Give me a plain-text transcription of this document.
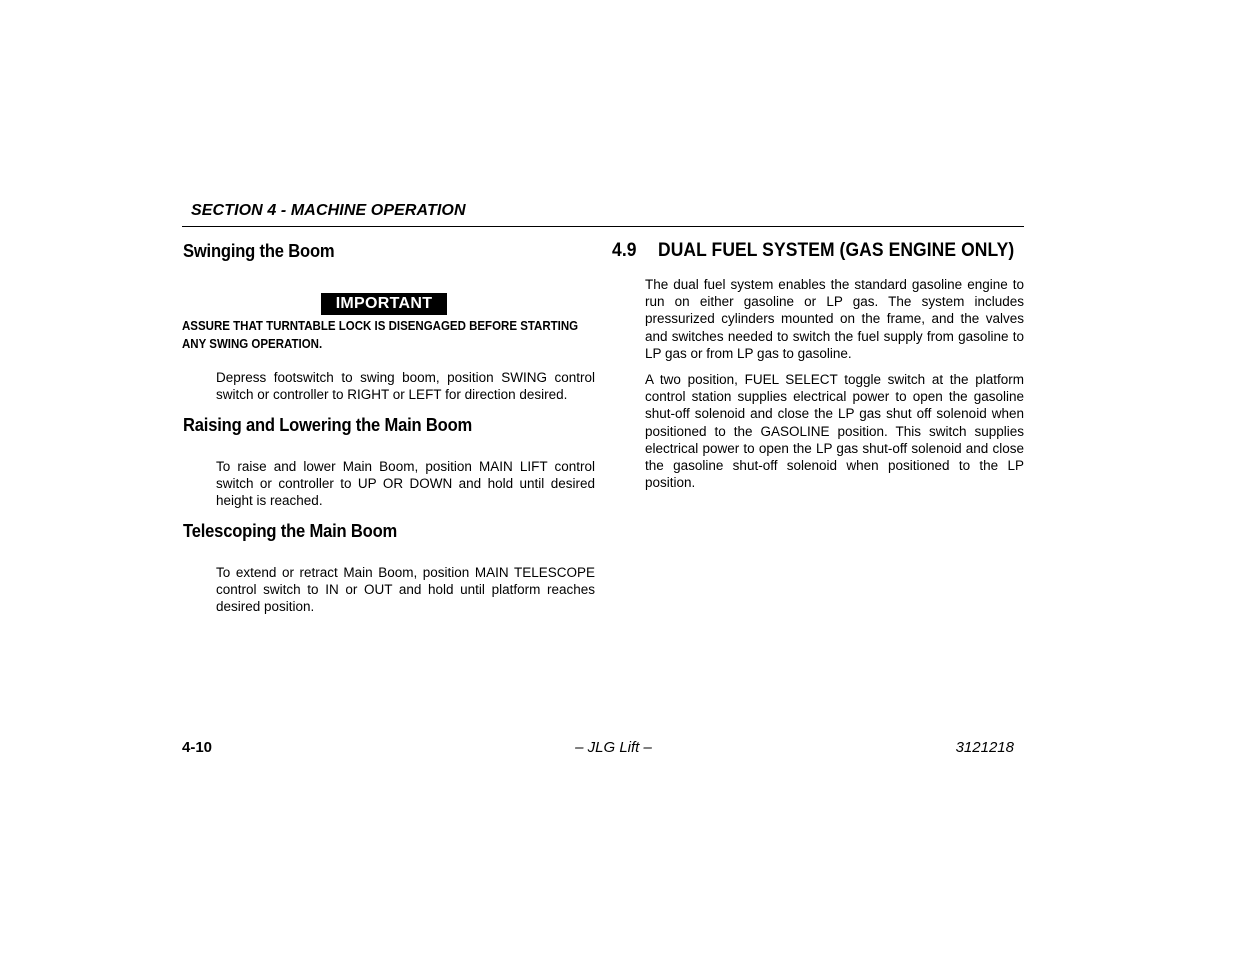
SECTION 4 - MACHINE OPERATION
Swinging the Boom
IMPORTANT
ASSURE THAT TURNTABLE LOCK IS DISENGAGED BEFORE STARTING
ANY SWING OPERATION.
Depress footswitch to swing boom, position SWING control switch or controller to RIGHT or LEFT for direction desired.
Raising and Lowering the Main Boom
To raise and lower Main Boom, position MAIN LIFT control switch or controller to UP OR DOWN and hold until desired height is reached.
Telescoping the Main Boom
To extend or retract Main Boom, position MAIN TELESCOPE control switch to IN or OUT and hold until platform reaches desired position.
4.9 DUAL FUEL SYSTEM (GAS ENGINE ONLY)
The dual fuel system enables the standard gasoline engine to run on either gasoline or LP gas. The system includes pressurized cylinders mounted on the frame, and the valves and switches needed to switch the fuel supply from gasoline to LP gas or from LP gas to gasoline.
A two position, FUEL SELECT toggle switch at the platform control station supplies electrical power to open the gasoline shut-off solenoid and close the LP gas shut off solenoid when positioned to the GASOLINE position. This switch supplies electrical power to open the LP gas shut-off solenoid and close the gasoline shut-off solenoid when positioned to the LP position.
4-10	– JLG Lift –	3121218
